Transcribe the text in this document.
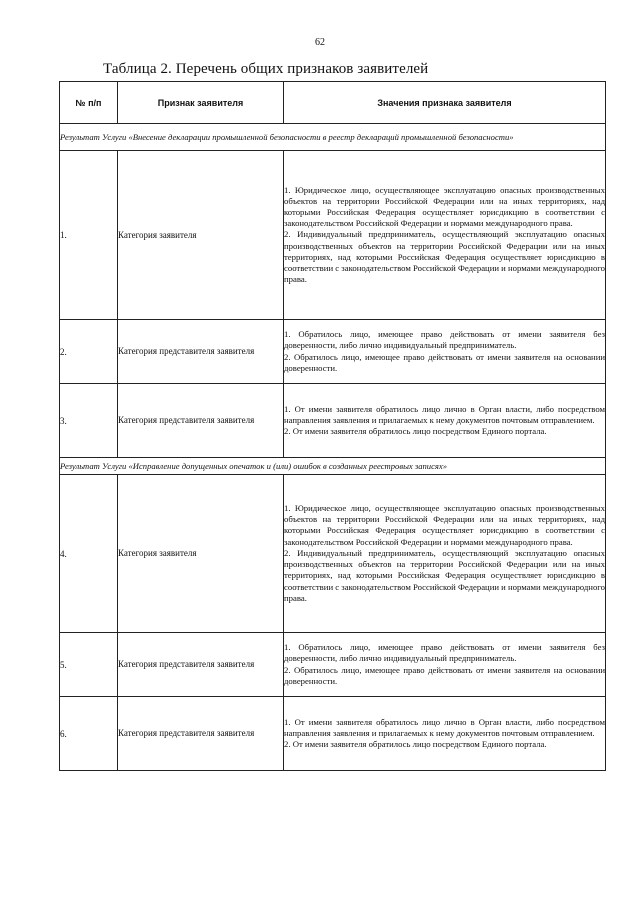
62
Таблица 2. Перечень общих признаков заявителей
№ п/п	Признак заявителя	Значения признака заявителя
Результат Услуги «Внесение декларации промышленной безопасности в реестр деклараций промышленной безопасности»		
1.	Категория заявителя	1. Юридическое лицо, осуществляющее эксплуатацию опасных производственных объектов на территории Российской Федерации или на иных территориях, над которыми Российская Федерация осуществляет юрисдикцию в соответствии с законодательством Российской Федерации и нормами международного права.
2. Индивидуальный предприниматель, осуществляющий эксплуатацию опасных производственных объектов на территории Российской Федерации или на иных территориях, над которыми Российская Федерация осуществляет юрисдикцию в соответствии с законодательством Российской Федерации и нормами международного права.

2.	Категория представителя заявителя	1. Обратилось лицо, имеющее право действовать от имени заявителя без доверенности, либо лично индивидуальный предприниматель.
2. Обратилось лицо, имеющее право действовать от имени заявителя на основании доверенности.

3.	Категория представителя заявителя	1. От имени заявителя обратилось лицо лично в Орган власти, либо посредством направления заявления и прилагаемых к нему документов почтовым отправлением.
2. От имени заявителя обратилось лицо посредством Единого портала.

Результат Услуги «Исправление допущенных опечаток и (или) ошибок в созданных реестровых записях»		
4.	Категория заявителя	1. Юридическое лицо, осуществляющее эксплуатацию опасных производственных объектов на территории Российской Федерации или на иных территориях, над которыми Российская Федерация осуществляет юрисдикцию в соответствии с законодательством Российской Федерации и нормами международного права.
2. Индивидуальный предприниматель, осуществляющий эксплуатацию опасных производственных объектов на территории Российской Федерации или на иных территориях, над которыми Российская Федерация осуществляет юрисдикцию в соответствии с законодательством Российской Федерации и нормами международного права.

5.	Категория представителя заявителя	1. Обратилось лицо, имеющее право действовать от имени заявителя без доверенности, либо лично индивидуальный предприниматель.
2. Обратилось лицо, имеющее право действовать от имени заявителя на основании доверенности.

6.	Категория представителя заявителя	1. От имени заявителя обратилось лицо лично в Орган власти, либо посредством направления заявления и прилагаемых к нему документов почтовым отправлением.
2. От имени заявителя обратилось лицо посредством Единого портала.
